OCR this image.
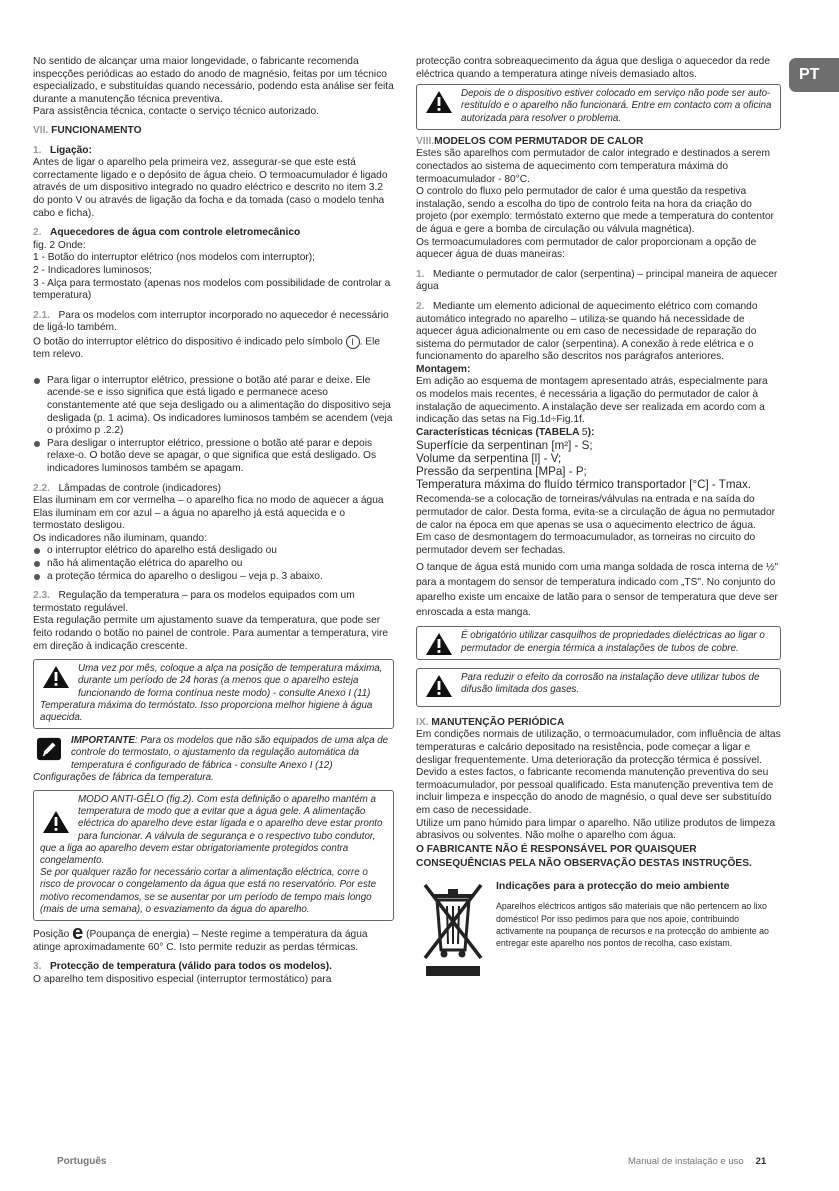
PT

No sentido de alcançar uma maior longevidade, o fabricante recomenda inspecções periódicas ao estado do anodo de magnésio, feitas por um técnico especializado, e substituídas quando necessário, podendo esta análise ser feita durante a manutenção técnica preventiva.

Para assistência técnica, contacte o serviço técnico autorizado.

VII. FUNCIONAMENTO

1. Ligação:

Antes de ligar o aparelho pela primeira vez, assegurar-se que este está correctamente ligado e o depósito de água cheio. O termoacumulador é ligado através de um dispositivo integrado no quadro eléctrico e descrito no item 3.2 do ponto V ou através de ligação da focha e da tomada (caso o modelo tenha cabo e ficha).

2. Aquecedores de água com controle eletromecânico

fig. 2 Onde:

1 - Botão do interruptor elétrico (nos modelos com interruptor);

2 - Indicadores luminosos;

3 - Alça para termostato (apenas nos modelos com possibilidade de controlar a temperatura)

2.1. Para os modelos com interruptor incorporado no aquecedor é necessário de ligá-lo também.

O botão do interruptor elétrico do dispositivo é indicado pelo símbolo I . Ele tem relevo.

Para ligar o interruptor elétrico, pressione o botão até parar e deixe. Ele acende-se e isso significa que está ligado e permanece aceso constantemente até que seja desligado ou a alimentação do dispositivo seja desligada (p. 1 acima). Os indicadores luminosos também se acendem (veja o próximo p .2.2)

Para desligar o interruptor elétrico, pressione o botão até parar e depois relaxe-o. O botão deve se apagar, o que significa que está desligado. Os indicadores luminosos também se apagam.

2.2. Lâmpadas de controle (indicadores)

Elas iluminam em cor vermelha – o aparelho fica no modo de aquecer a água

Elas iluminam em cor azul – a água no aparelho já está aquecida e o termostato desligou.

Os indicadores não iluminam, quando:

o interruptor elétrico do aparelho está desligado ou

não há alimentação elétrica do aparelho ou

a proteção térmica do aparelho o desligou – veja p. 3 abaixo.

2.3. Regulação da temperatura – para os modelos equipados com um termostato regulável.

Esta regulação permite um ajustamento suave da temperatura, que pode ser feito rodando o botão no painel de controle. Para aumentar a temperatura, vire em direção à indicação crescente.

Uma vez por mês, coloque a alça na posição de temperatura máxima, durante um período de 24 horas (a menos que o aparelho esteja funcionando de forma contínua neste modo) - consulte Anexo I (11) Temperatura máxima do termóstato. Isso proporciona melhor higiene à água aquecida.
IMPORTANTE: Para os modelos que não são equipados de uma alça de controle do termostato, o ajustamento da regulação automática da temperatura é configurado de fábrica - consulte Anexo I (12) Configurações de fábrica da temperatura.
MODO ANTI-GÊLO (fig.2). Com esta definição o aparelho mantém a temperatura de modo que a evitar que a água gele. A alimentação eléctrica do aparelho deve estar ligada e o aparelho deve estar pronto para funcionar. A válvula de segurança e o respectivo tubo condutor, que a liga ao aparelho devem estar obrigatoriamente protegidos contra congelamento.
Se por qualquer razão for necessário cortar a alimentação eléctrica, corre o risco de provocar o congelamento da água que está no reservatório. Por este motivo recomendamos, se se ausentar por um período de tempo mais longo (mais de uma semana), o esvaziamento da água do aparelho.

Posição e (Poupança de energia) – Neste regime a temperatura da água atinge aproximadamente 60° C. Isto permite reduzir as perdas térmicas.

3. Protecção de temperatura (válido para todos os modelos).

O aparelho tem dispositivo especial (interruptor termostático) para

protecção contra sobreaquecimento da água que desliga o aquecedor da rede eléctrica quando a temperatura atinge níveis demasiado altos.

Depois de o dispositivo estiver colocado em serviço não pode ser auto-restituído e o aparelho não funcionará. Entre em contacto com a oficina autorizada para resolver o problema.

VIII.MODELOS COM PERMUTADOR DE CALOR

Estes são aparelhos com permutador de calor integrado e destinados a serem conectados ao sistema de aquecimento com temperatura máxima do termoacumulador - 80°C.

O controlo do fluxo pelo permutador de calor é uma questão da respetiva instalação, sendo a escolha do tipo de controlo feita na hora da criação do projeto (por exemplo: termóstato externo que mede a temperatura do contentor de água e gere a bomba de circulação ou válvula magnética).

Os termoacumuladores com permutador de calor proporcionam a opção de aquecer água de duas maneiras:

1. Mediante o permutador de calor (serpentina) – principal maneira de aquecer água

2. Mediante um elemento adicional de aquecimento elétrico com comando automático integrado no aparelho – utiliza-se quando há necessidade de aquecer água adicionalmente ou em caso de necessidade de reparação do sistema do permutador de calor (serpentina). A conexão à rede elétrica e o funcionamento do aparelho são descritos nos parágrafos anteriores.

Montagem:

Em adição ao esquema de montagem apresentado atrás, especialmente para os modelos mais recentes, é necessária a ligação do permutador de calor à instalação de aquecimento. A instalação deve ser realizada em acordo com a indicação das setas na Fig.1d÷Fig.1f.

Características técnicas (TABELA 5):

Superfície da serpentinan [m²] - S;

Volume da serpentina [l] - V;

Pressão da serpentina [MPa] - P;

Temperatura máxima do fluído térmico transportador [°C] - Tmax.

Recomenda-se a colocação de torneiras/válvulas na entrada e na saída do permutador de calor. Desta forma, evita-se a circulação de água no permutador de calor na época em que apenas se usa o aquecimento electrico de água.

Em caso de desmontagem do termoacumulador, as torneiras no circuito do permutador devem ser fechadas.

O tanque de água está munido com uma manga soldada de rosca interna de ½" para a montagem do sensor de temperatura indicado com „TS". No conjunto do aparelho existe um encaixe de latão para o sensor de temperatura que deve ser enroscada a esta manga.

É obrigatório utilizar casquilhos de propriedades dieléctricas ao ligar o permutador de energia térmica a instalações de tubos de cobre.
Para reduzir o efeito da corrosão na instalação deve utilizar tubos de difusão limitada dos gases.

IX. MANUTENÇÃO PERIÓDICA

Em condições normais de utilização, o termoacumulador, com influência de altas temperaturas e calcário depositado na resistência, pode começar a ligar e desligar frequentemente. Uma deterioração da protecção térmica é possível. Devido a estes factos, o fabricante recomenda manutenção preventiva do seu termoacumulador, por pessoal qualificado. Esta manutenção preventiva tem de incluir limpeza e inspecção do anodo de magnésio, o qual deve ser substituído em caso de necessidade.

Utilize um pano húmido para limpar o aparelho. Não utilize produtos de limpeza abrasivos ou solventes. Não molhe o aparelho com água.

O FABRICANTE NÃO É RESPONSÁVEL POR QUAISQUER CONSEQUÊNCIAS PELA NÃO OBSERVAÇÃO DESTAS INSTRUÇÕES.

Indicações para a protecção do meio ambiente
Aparelhos eléctricos antigos são materiais que não pertencem ao lixo doméstico! Por isso pedimos para que nos apoie, contribuindo activamente na poupança de recursos e na protecção do ambiente ao entregar este aparelho nos pontos de recolha, caso existam.
Português	Manual de instalação e uso 21
